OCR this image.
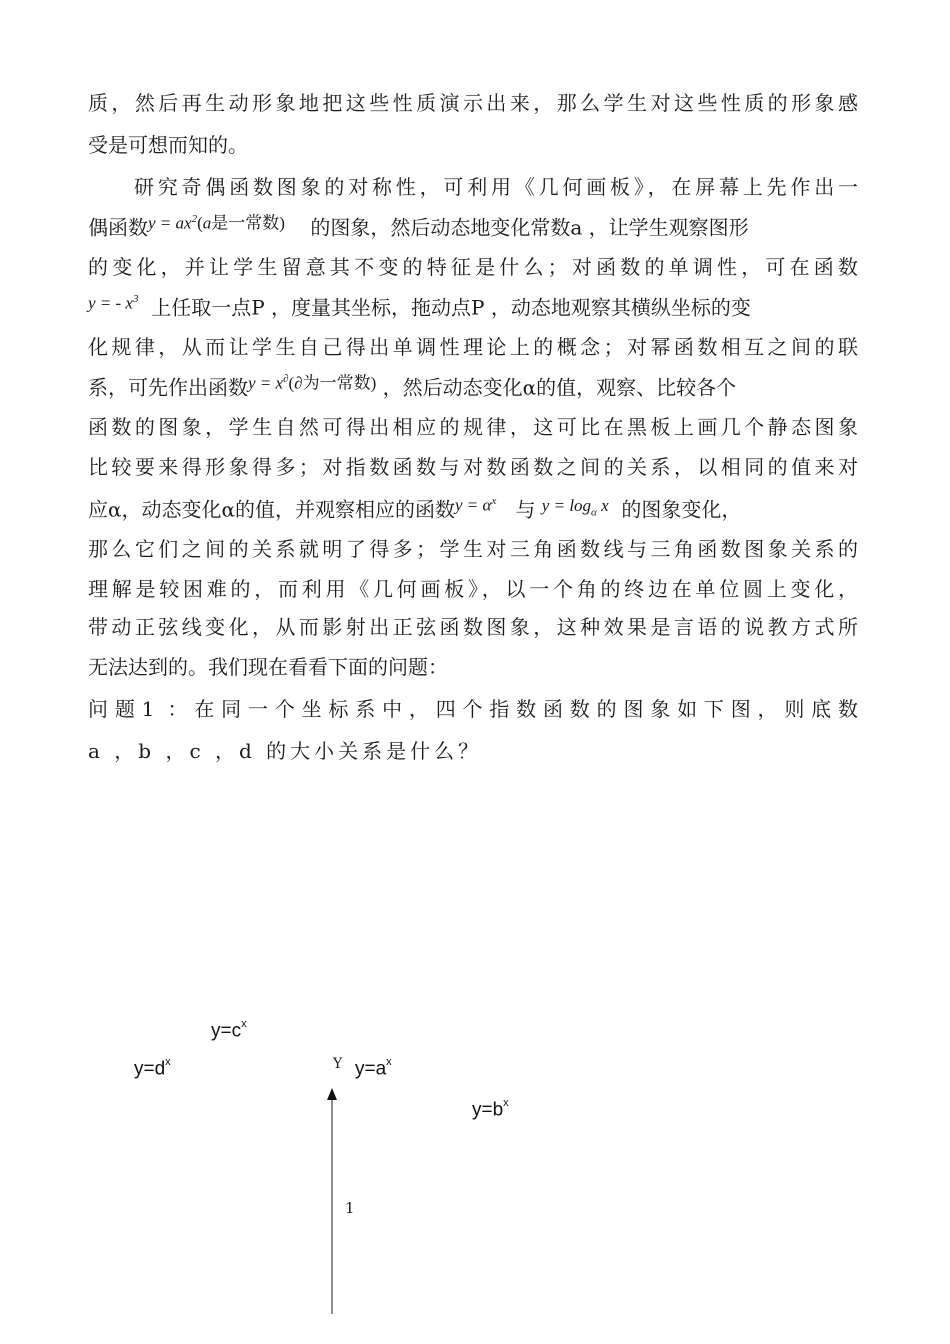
质，然后再生动形象地把这些性质演示出来，那么学生对这些性质的形象感
受是可想而知的。
研究奇偶函数图象的对称性，可利用《几何画板》，在屏幕上先作出一
偶函数$y = ax^2(a$是一常数) 的图象，然后动态地变化常数a ，让学生观察图形
的变化，并让学生留意其不变的特征是什么；对函数的单调性，可在函数
y = - $x^3$ 上任取一点P ，度量其坐标，拖动点P ，动态地观察其横纵坐标的变
化规律，从而让学生自己得出单调性理论上的概念；对幂函数相互之间的联
系，可先作出函数y = x∂(∂为一常数) ，然后动态变化α的值，观察、比较各个
函数的图象，学生自然可得出相应的规律，这可比在黑板上画几个静态图象
比较要来得形象得多；对指数函数与对数函数之间的关系，以相同的值来对
应α，动态变化α的值，并观察相应的函数$y = \alpha^x$ 与 $y = \log_\alpha x$ 的图象变化，
那么它们之间的关系就明了得多；学生对三角函数线与三角函数图象关系的
理解是较困难的，而利用《几何画板》，以一个角的终边在单位圆上变化，
带动正弦线变化，从而影射出正弦函数图象，这种效果是言语的说教方式所
无法达到的。我们现在看看下面的问题：
问题1 ：在同一个坐标系中，四个指数函数的图象如下图，则底数
a ，b ，c ，d 的大小关系是什么？
$y=c^x$
$y=d^x$	Y $y=a^x$
$y=b^x$
1
